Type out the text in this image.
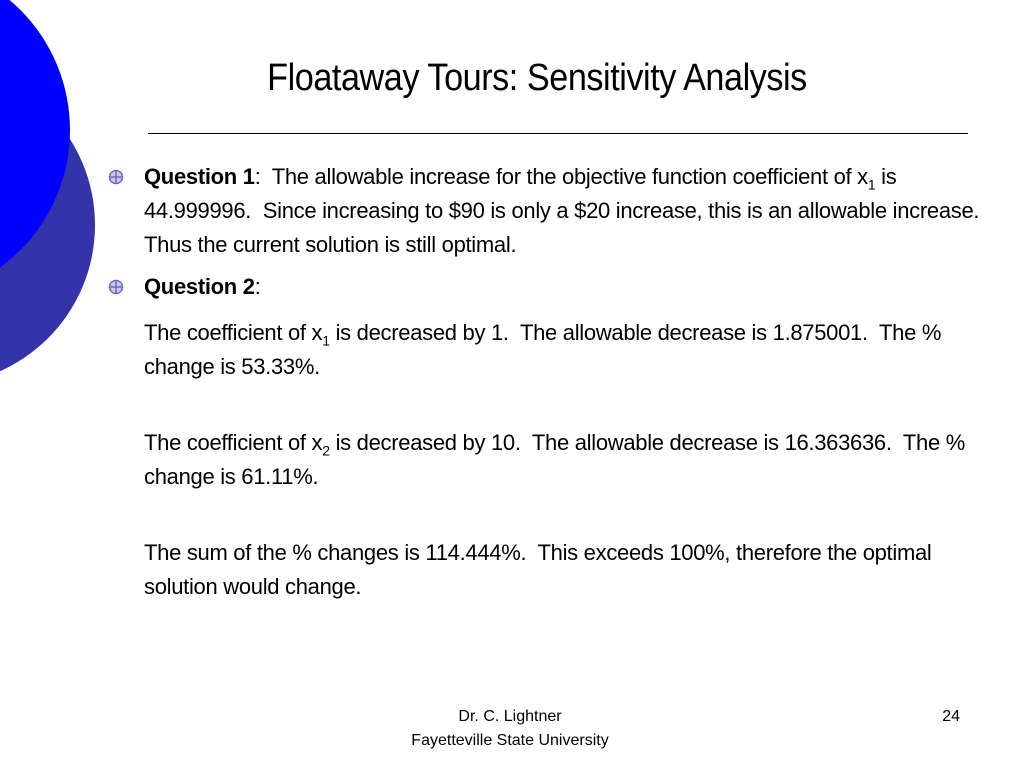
Floataway Tours: Sensitivity Analysis
Question 1:  The allowable increase for the objective function coefficient of $x_1$ is 44.999996.  Since increasing to $90 is only a $20 increase, this is an allowable increase.  Thus the current solution is still optimal.
Question 2:
The coefficient of $x_1$ is decreased by 1.  The allowable decrease is 1.875001.  The % change is 53.33%.
The coefficient of $x_2$ is decreased by 10.  The allowable decrease is 16.363636.  The % change is 61.11%.
The sum of the % changes is 114.444%.  This exceeds 100%, therefore the optimal solution would change.
Dr. C. Lightner
Fayetteville State University
24
